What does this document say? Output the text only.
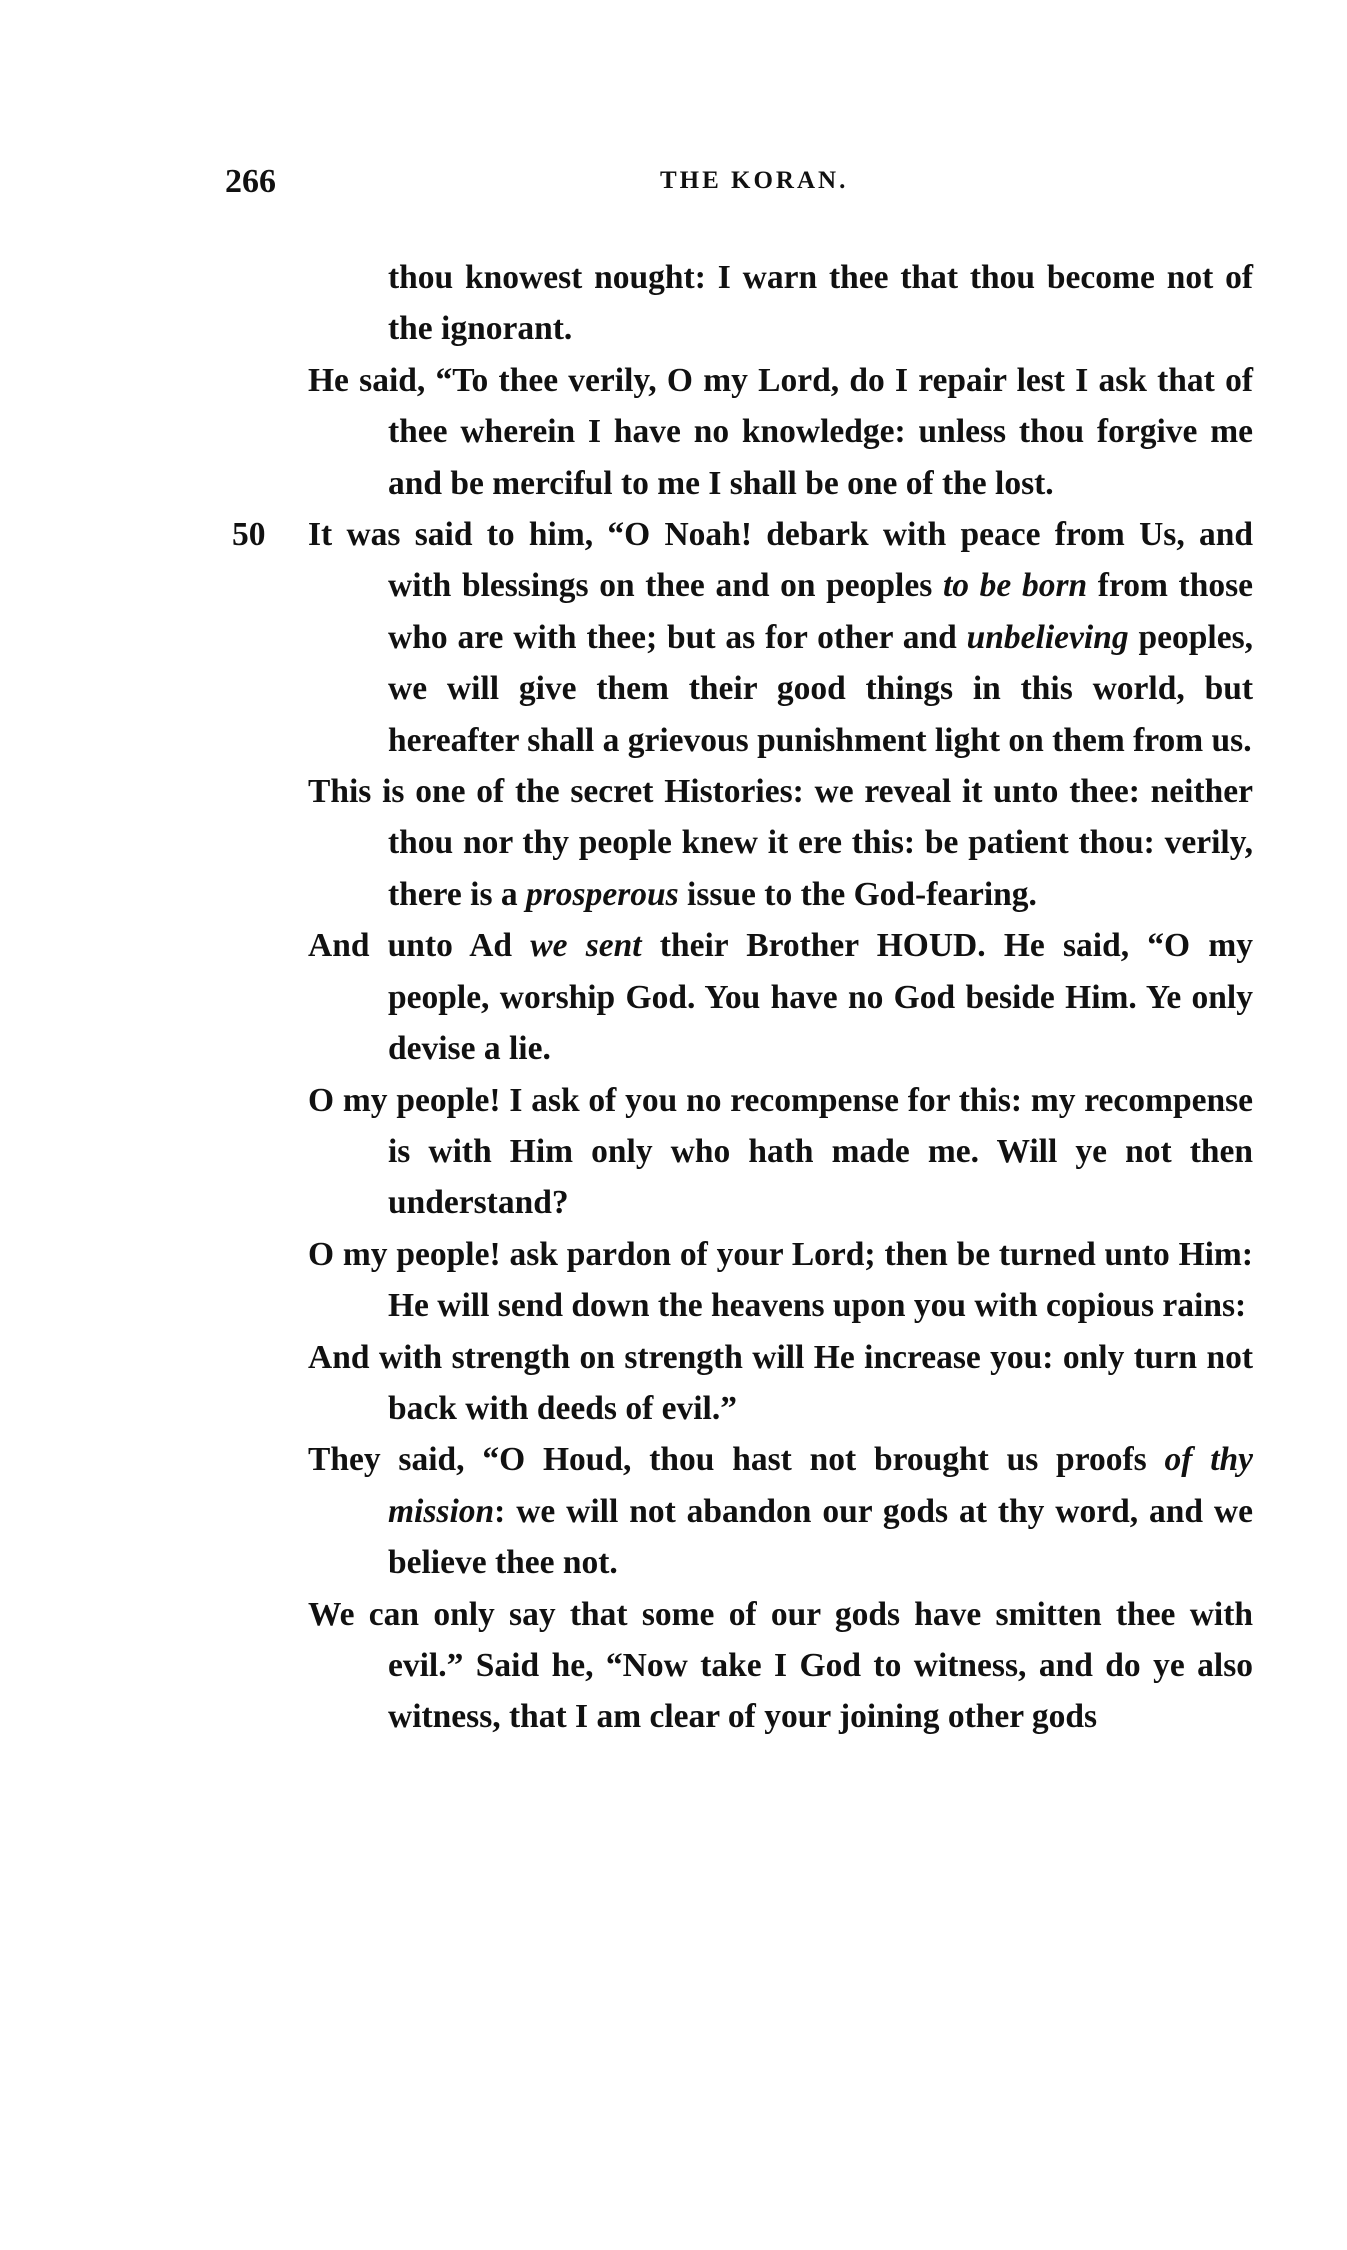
266	THE KORAN.
thou knowest nought: I warn thee that thou become not of the ignorant.
He said, “To thee verily, O my Lord, do I repair lest I ask that of thee wherein I have no knowledge: unless thou forgive me and be merciful to me I shall be one of the lost.
50 It was said to him, “O Noah! debark with peace from Us, and with blessings on thee and on peoples to be born from those who are with thee; but as for other and unbelieving peoples, we will give them their good things in this world, but hereafter shall a grievous punishment light on them from us.
This is one of the secret Histories: we reveal it unto thee: neither thou nor thy people knew it ere this: be patient thou: verily, there is a prosperous issue to the God-fearing.
And unto Ad we sent their Brother HOUD. He said, “O my people, worship God. You have no God beside Him. Ye only devise a lie.
O my people! I ask of you no recompense for this: my recompense is with Him only who hath made me. Will ye not then understand?
O my people! ask pardon of your Lord; then be turned unto Him: He will send down the heavens upon you with copious rains:
And with strength on strength will He increase you: only turn not back with deeds of evil.”
They said, “O Houd, thou hast not brought us proofs of thy mission: we will not abandon our gods at thy word, and we believe thee not.
We can only say that some of our gods have smitten thee with evil.” Said he, “Now take I God to witness, and do ye also witness, that I am clear of your joining other gods
